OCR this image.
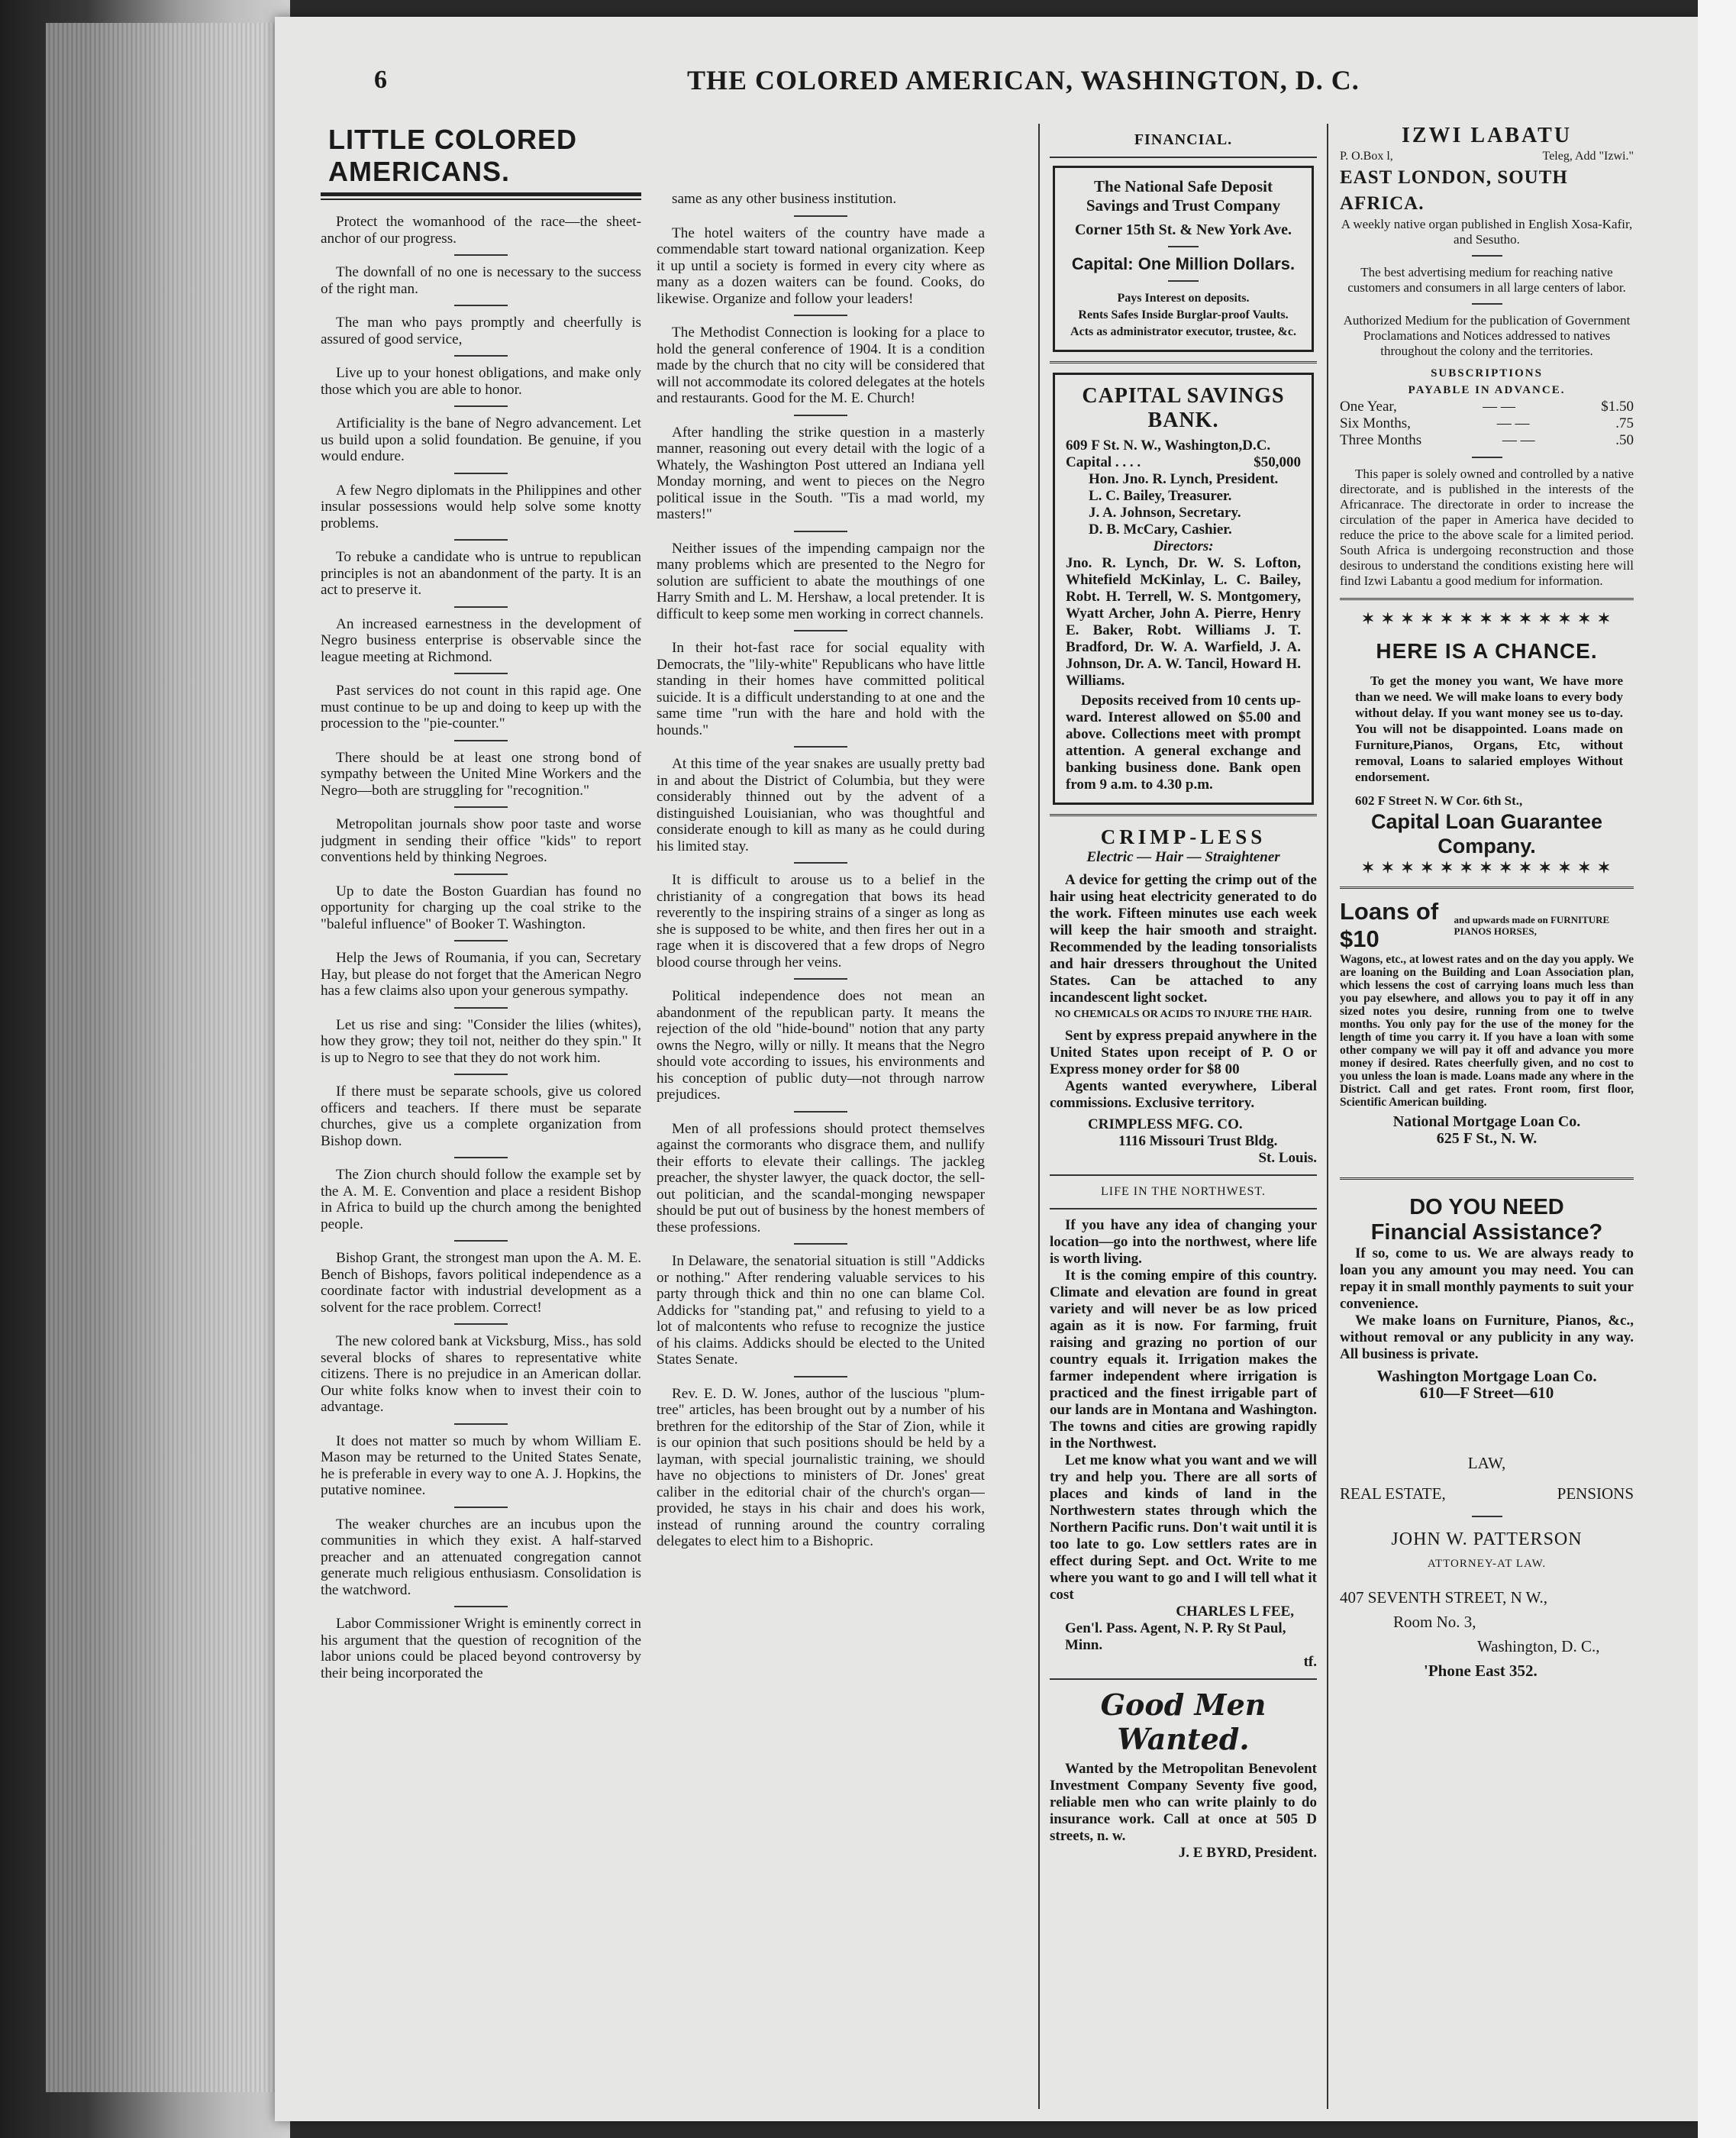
6	THE COLORED AMERICAN, WASHINGTON, D. C.
LITTLE COLORED AMERICANS.

Protect the womanhood of the race—the sheet-anchor of our progress.

The downfall of no one is necessary to the success of the right man.

The man who pays promptly and cheerfully is assured of good service,

Live up to your honest obligations, and make only those which you are able to honor.

Artificiality is the bane of Negro advancement. Let us build upon a solid foundation. Be genuine, if you would endure.

A few Negro diplomats in the Philippines and other insular possessions would help solve some knotty problems.

To rebuke a candidate who is untrue to republican principles is not an abandonment of the party. It is an act to preserve it.

An increased earnestness in the development of Negro business enterprise is observable since the league meeting at Richmond.

Past services do not count in this rapid age. One must continue to be up and doing to keep up with the procession to the "pie-counter."

There should be at least one strong bond of sympathy between the United Mine Workers and the Negro—both are struggling for "recognition."

Metropolitan journals show poor taste and worse judgment in sending their office "kids" to report conventions held by thinking Negroes.

Up to date the Boston Guardian has found no opportunity for charging up the coal strike to the "baleful influence" of Booker T. Washington.

Help the Jews of Roumania, if you can, Secretary Hay, but please do not forget that the American Negro has a few claims also upon your generous sympathy.

Let us rise and sing: "Consider the lilies (whites), how they grow; they toil not, neither do they spin." It is up to Negro to see that they do not work him.

If there must be separate schools, give us colored officers and teachers. If there must be separate churches, give us a complete organization from Bishop down.

The Zion church should follow the example set by the A. M. E. Convention and place a resident Bishop in Africa to build up the church among the benighted people.

Bishop Grant, the strongest man upon the A. M. E. Bench of Bishops, favors political independence as a coordinate factor with industrial development as a solvent for the race problem. Correct!

The new colored bank at Vicksburg, Miss., has sold several blocks of shares to representative white citizens. There is no prejudice in an American dollar. Our white folks know when to invest their coin to advantage.

It does not matter so much by whom William E. Mason may be returned to the United States Senate, he is preferable in every way to one A. J. Hopkins, the putative nominee.

The weaker churches are an incubus upon the communities in which they exist. A half-starved preacher and an attenuated congregation cannot generate much religious enthusiasm. Consolidation is the watchword.

Labor Commissioner Wright is eminently correct in his argument that the question of recognition of the labor unions could be placed beyond controversy by their being incorporated the

same as any other business institution.

The hotel waiters of the country have made a commendable start toward national organization. Keep it up until a society is formed in every city where as many as a dozen waiters can be found. Cooks, do likewise. Organize and follow your leaders!

The Methodist Connection is looking for a place to hold the general conference of 1904. It is a condition made by the church that no city will be considered that will not accommodate its colored delegates at the hotels and restaurants. Good for the M. E. Church!

After handling the strike question in a masterly manner, reasoning out every detail with the logic of a Whately, the Washington Post uttered an Indiana yell Monday morning, and went to pieces on the Negro political issue in the South. "Tis a mad world, my masters!"

Neither issues of the impending campaign nor the many problems which are presented to the Negro for solution are sufficient to abate the mouthings of one Harry Smith and L. M. Hershaw, a local pretender. It is difficult to keep some men working in correct channels.

In their hot-fast race for social equality with Democrats, the "lily-white" Republicans who have little standing in their homes have committed political suicide. It is a difficult understanding to at one and the same time "run with the hare and hold with the hounds."

At this time of the year snakes are usually pretty bad in and about the District of Columbia, but they were considerably thinned out by the advent of a distinguished Louisianian, who was thoughtful and considerate enough to kill as many as he could during his limited stay.

It is difficult to arouse us to a belief in the christianity of a congregation that bows its head reverently to the inspiring strains of a singer as long as she is supposed to be white, and then fires her out in a rage when it is discovered that a few drops of Negro blood course through her veins.

Political independence does not mean an abandonment of the republican party. It means the rejection of the old "hide-bound" notion that any party owns the Negro, willy or nilly. It means that the Negro should vote according to issues, his environments and his conception of public duty—not through narrow prejudices.

Men of all professions should protect themselves against the cormorants who disgrace them, and nullify their efforts to elevate their callings. The jackleg preacher, the shyster lawyer, the quack doctor, the sell-out politician, and the scandal-monging newspaper should be put out of business by the honest members of these professions.

In Delaware, the senatorial situation is still "Addicks or nothing." After rendering valuable services to his party through thick and thin no one can blame Col. Addicks for "standing pat," and refusing to yield to a lot of malcontents who refuse to recognize the justice of his claims. Addicks should be elected to the United States Senate.

Rev. E. D. W. Jones, author of the luscious "plum-tree" articles, has been brought out by a number of his brethren for the editorship of the Star of Zion, while it is our opinion that such positions should be held by a layman, with special journalistic training, we should have no objections to ministers of Dr. Jones' great caliber in the editorial chair of the church's organ—provided, he stays in his chair and does his work, instead of running around the country corraling delegates to elect him to a Bishopric.

FINANCIAL.

The National Safe Deposit Savings and Trust Company

Corner 15th St. & New York Ave.

Capital: One Million Dollars.

Pays Interest on deposits.

Rents Safes Inside Burglar-proof Vaults.

Acts as administrator executor, trustee, &c.

CAPITAL SAVINGS BANK.

609 F St. N. W., Washington,D.C.

Capital . . . .	$50,000

Hon. Jno. R. Lynch, President.

L. C. Bailey, Treasurer.

J. A. Johnson, Secretary.

D. B. McCary, Cashier.

Directors:

Jno. R. Lynch, Dr. W. S. Lofton, Whitefield McKinlay, L. C. Bailey, Robt. H. Terrell, W. S. Montgomery, Wyatt Archer, John A. Pierre, Henry E. Baker, Robt. Williams J. T. Bradford, Dr. W. A. Warfield, J. A. Johnson, Dr. A. W. Tancil, Howard H. Williams.

Deposits received from 10 cents up-ward. Interest allowed on $5.00 and above. Collections meet with prompt attention. A general exchange and banking business done. Bank open from 9 a.m. to 4.30 p.m.

CRIMP-LESS

Electric — Hair — Straightener

A device for getting the crimp out of the hair using heat electricity generated to do the work. Fifteen minutes use each week will keep the hair smooth and straight. Recommended by the leading tonsorialists and hair dressers throughout the United States. Can be attached to any incandescent light socket.

NO CHEMICALS OR ACIDS TO INJURE THE HAIR.

Sent by express prepaid anywhere in the United States upon receipt of P. O or Express money order for $8 00

Agents wanted everywhere, Liberal commissions. Exclusive territory.

CRIMPLESS MFG. CO.

1116 Missouri Trust Bldg.

St. Louis.

LIFE IN THE NORTHWEST.

If you have any idea of changing your location—go into the northwest, where life is worth living.

It is the coming empire of this country. Climate and elevation are found in great variety and will never be as low priced again as it is now. For farming, fruit raising and grazing no portion of our country equals it. Irrigation makes the farmer independent where irrigation is practiced and the finest irrigable part of our lands are in Montana and Washington. The towns and cities are growing rapidly in the Northwest.

Let me know what you want and we will try and help you. There are all sorts of places and kinds of land in the Northwestern states through which the Northern Pacific runs. Don't wait until it is too late to go. Low settlers rates are in effect during Sept. and Oct. Write to me where you want to go and I will tell what it cost

CHARLES L FEE,

Gen'l. Pass. Agent, N. P. Ry St Paul, Minn.

tf.

Good Men Wanted.

Wanted by the Metropolitan Benevolent Investment Company Seventy five good, reliable men who can write plainly to do insurance work. Call at once at 505 D streets, n. w.

J. E BYRD, President.

IZWI LABATU

P. O.Box l,	Teleg, Add "Izwi."

EAST LONDON, SOUTH AFRICA.

A weekly native organ published in English Xosa-Kafir, and Sesutho.

The best advertising medium for reaching native customers and consumers in all large centers of labor.

Authorized Medium for the publication of Government Proclamations and Notices addressed to natives throughout the colony and the territories.

SUBSCRIPTIONS

PAYABLE IN ADVANCE.

One Year,	— —	$1.50
Six Months,	— —	.75
Three Months	— —	.50

This paper is solely owned and controlled by a native directorate, and is published in the interests of the Africanrace. The directorate in order to increase the circulation of the paper in America have decided to reduce the price to the above scale for a limited period. South Africa is undergoing reconstruction and those desirous to understand the conditions existing here will find Izwi Labantu a good medium for information.

✶ ✶ ✶ ✶ ✶ ✶ ✶ ✶ ✶ ✶ ✶ ✶ ✶
HERE IS A CHANCE.

To get the money you want, We have more than we need. We will make loans to every body without delay. If you want money see us to-day. You will not be disappointed. Loans made on Furniture,Pianos, Organs, Etc, without removal, Loans to salaried employes Without endorsement.

602 F Street N. W Cor. 6th St.,

Capital Loan Guarantee Company.

✶ ✶ ✶ ✶ ✶ ✶ ✶ ✶ ✶ ✶ ✶ ✶ ✶
Loans of $10
and upwards made on FURNITURE PIANOS HORSES,

Wagons, etc., at lowest rates and on the day you apply. We are loaning on the Building and Loan Association plan, which lessens the cost of carrying loans much less than you pay elsewhere, and allows you to pay it off in any sized notes you desire, running from one to twelve months. You only pay for the use of the money for the length of time you carry it. If you have a loan with some other company we will pay it off and advance you more money if desired. Rates cheerfully given, and no cost to you unless the loan is made. Loans made any where in the District. Call and get rates. Front room, first floor, Scientific American building.

National Mortgage Loan Co.

625 F St., N. W.

DO YOU NEED
Financial Assistance?

If so, come to us. We are always ready to loan you any amount you may need. You can repay it in small monthly payments to suit your convenience.

We make loans on Furniture, Pianos, &c., without removal or any publicity in any way. All business is private.

Washington Mortgage Loan Co.

610—F Street—610

LAW,

REAL ESTATE,	PENSIONS

JOHN W. PATTERSON

ATTORNEY-AT LAW.

407 SEVENTH STREET, N W.,

Room No. 3,

Washington, D. C.,

'Phone East 352.
